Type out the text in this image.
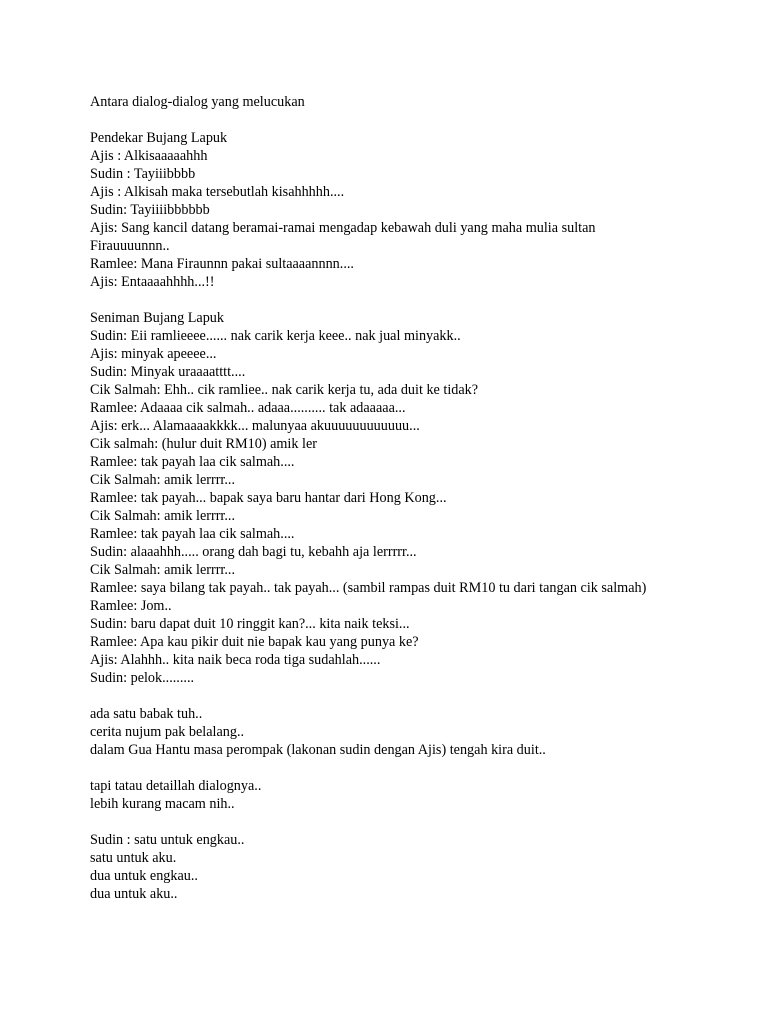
Antara dialog-dialog yang melucukan
Pendekar Bujang Lapuk
Ajis : Alkisaaaaahhh
Sudin : Tayiiibbbb
Ajis : Alkisah maka tersebutlah kisahhhhh....
Sudin: Tayiiiibbbbbb
Ajis: Sang kancil datang beramai-ramai mengadap kebawah duli yang maha mulia sultan Firauuuunnn..
Ramlee: Mana Firaunnn pakai sultaaaannnn....
Ajis: Entaaaahhhh...!!
Seniman Bujang Lapuk
Sudin: Eii ramlieeee...... nak carik kerja keee.. nak jual minyakk..
Ajis: minyak apeeee...
Sudin: Minyak uraaaatttt....
Cik Salmah: Ehh.. cik ramliee.. nak carik kerja tu, ada duit ke tidak?
Ramlee: Adaaaa cik salmah.. adaaa.......... tak adaaaaa...
Ajis: erk... Alamaaaakkkk... malunyaa akuuuuuuuuuuuu...
Cik salmah: (hulur duit RM10) amik ler
Ramlee: tak payah laa cik salmah....
Cik Salmah: amik lerrrr...
Ramlee: tak payah... bapak saya baru hantar dari Hong Kong...
Cik Salmah: amik lerrrr...
Ramlee: tak payah laa cik salmah....
Sudin: alaaahhh..... orang dah bagi tu, kebahh aja lerrrrr...
Cik Salmah: amik lerrrr...
Ramlee: saya bilang tak payah.. tak payah... (sambil rampas duit RM10 tu dari tangan cik salmah)
Ramlee: Jom..
Sudin: baru dapat duit 10 ringgit kan?... kita naik teksi...
Ramlee: Apa kau pikir duit nie bapak kau yang punya ke?
Ajis: Alahhh.. kita naik beca roda tiga sudahlah......
Sudin: pelok.........
ada satu babak tuh..
cerita nujum pak belalang..
dalam Gua Hantu masa perompak (lakonan sudin dengan Ajis) tengah kira duit..
tapi tatau detaillah dialognya..
lebih kurang macam nih..
Sudin : satu untuk engkau..
satu untuk aku.
dua untuk engkau..
dua untuk aku..
